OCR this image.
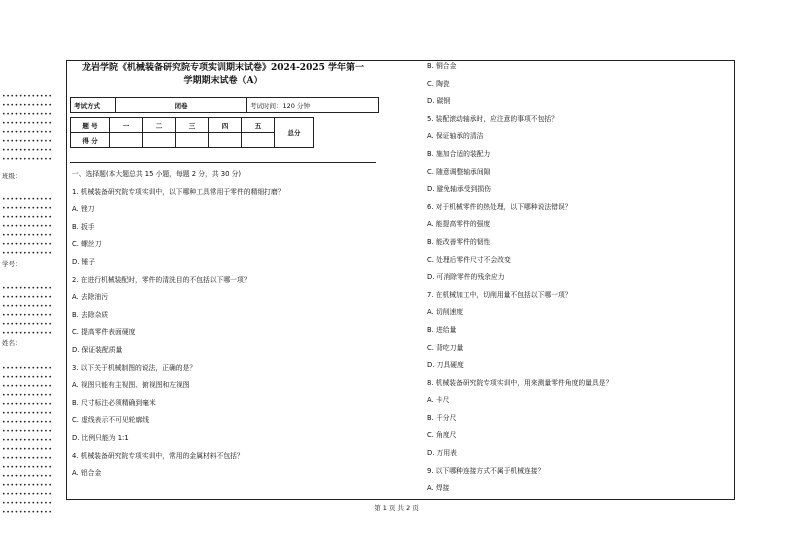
••••••••••••
••••••••••••
••••••••••••
••••••••••••
••••••••••••
••••••••••••
••••••••••••
••••••••••••
班级：
••••••••••••
••••••••••••
••••••••••••
••••••••••••
••••••••••••
••••••••••••
••••••••••••
学号：
••••••••••••
••••••••••••
••••••••••••
••••••••••••
••••••••••••
••••••••••••
姓名：
••••••••••••
••••••••••••
••••••••••••
••••••••••••
••••••••••••
••••••••••••
••••••••••••
••••••••••••
••••••••••••
••••••••••••
••••••••••••
••••••••••••
••••••••••••
••••••••••••
••••••••••••
••••••••••••
••••••••••••
龙岩学院《机械装备研究院专项实训期末试卷》2024-2025 学年第一
学期期末试卷（A）
考试方式	闭卷	考试时间：120 分钟
题 号	一	二	三	四	五	总分
得 分						
一、选择题(本大题总共 15 小题，每题 2 分，共 30 分)
1. 机械装备研究院专项实训中，以下哪种工具常用于零件的精细打磨？
A. 锉刀
B. 扳手
C. 螺丝刀
D. 锤子
2. 在进行机械装配时，零件的清洗目的不包括以下哪一项？
A. 去除油污
B. 去除杂质
C. 提高零件表面硬度
D. 保证装配质量
3. 以下关于机械制图的说法，正确的是？
A. 视图只能有主视图、俯视图和左视图
B. 尺寸标注必须精确到毫米
C. 虚线表示不可见轮廓线
D. 比例只能为 1:1
4. 机械装备研究院专项实训中，常用的金属材料不包括？
A. 铝合金
B. 铜合金
C. 陶瓷
D. 碳钢
5. 装配滚动轴承时，应注意的事项不包括？
A. 保证轴承的清洁
B. 施加合适的装配力
C. 随意调整轴承间隙
D. 避免轴承受到损伤
6. 对于机械零件的热处理，以下哪种说法错误？
A. 能提高零件的强度
B. 能改善零件的韧性
C. 处理后零件尺寸不会改变
D. 可消除零件的残余应力
7. 在机械加工中，切削用量不包括以下哪一项？
A. 切削速度
B. 进给量
C. 背吃刀量
D. 刀具硬度
8. 机械装备研究院专项实训中，用来测量零件角度的量具是？
A. 卡尺
B. 千分尺
C. 角度尺
D. 万用表
9. 以下哪种连接方式不属于机械连接？
A. 焊接
第 1 页 共 2 页
